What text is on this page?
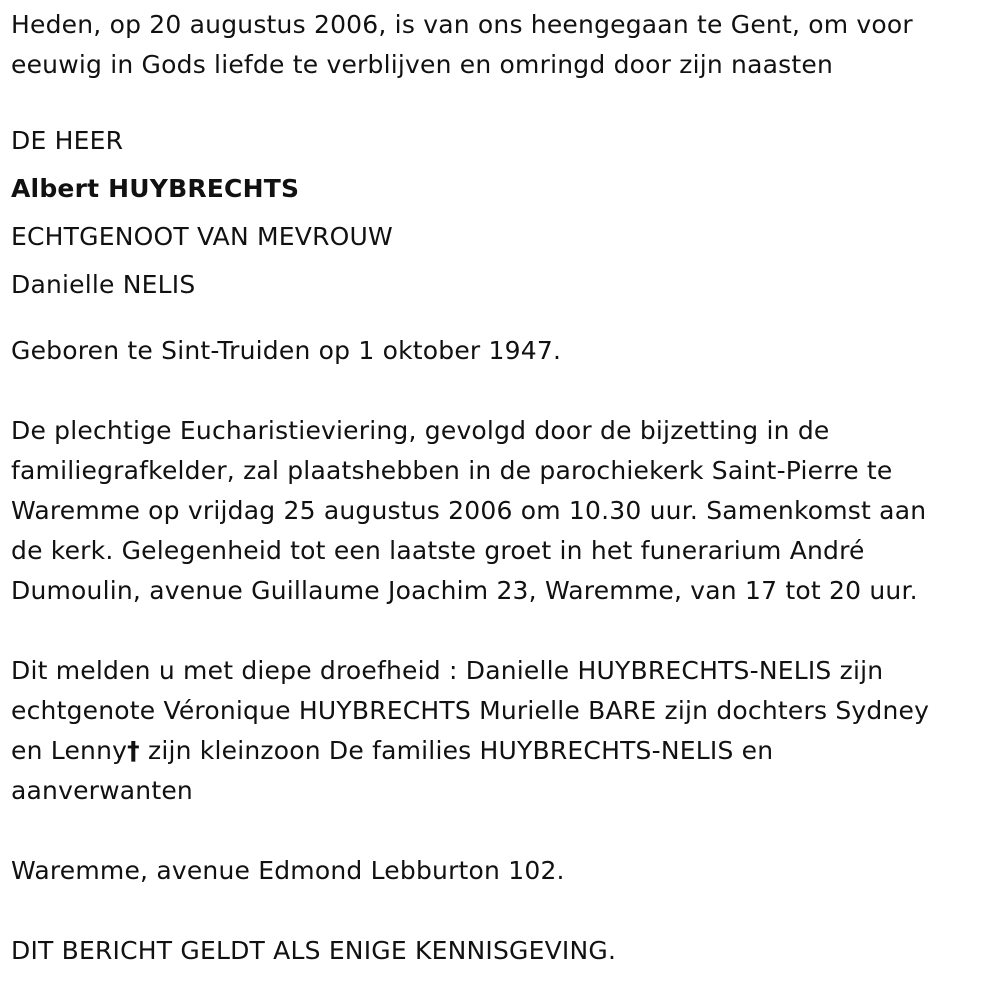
Heden, op 20 augustus 2006, is van ons heengegaan te Gent, om voor
eeuwig in Gods liefde te verblijven en omringd door zijn naasten
DE HEER
Albert HUYBRECHTS
ECHTGENOOT VAN MEVROUW
Danielle NELIS
Geboren te Sint-Truiden op 1 oktober 1947.
De plechtige Eucharistieviering, gevolgd door de bijzetting in de
familiegrafkelder, zal plaatshebben in de parochiekerk Saint-Pierre te
Waremme op vrijdag 25 augustus 2006 om 10.30 uur. Samenkomst aan
de kerk. Gelegenheid tot een laatste groet in het funerarium André
Dumoulin, avenue Guillaume Joachim 23, Waremme, van 17 tot 20 uur.
Dit melden u met diepe droefheid : Danielle HUYBRECHTS-NELIS zijn
echtgenote Véronique HUYBRECHTS Murielle BARE zijn dochters Sydney
en Lenny† zijn kleinzoon De families HUYBRECHTS-NELIS en
aanverwanten
Waremme, avenue Edmond Lebburton 102.
DIT BERICHT GELDT ALS ENIGE KENNISGEVING.
